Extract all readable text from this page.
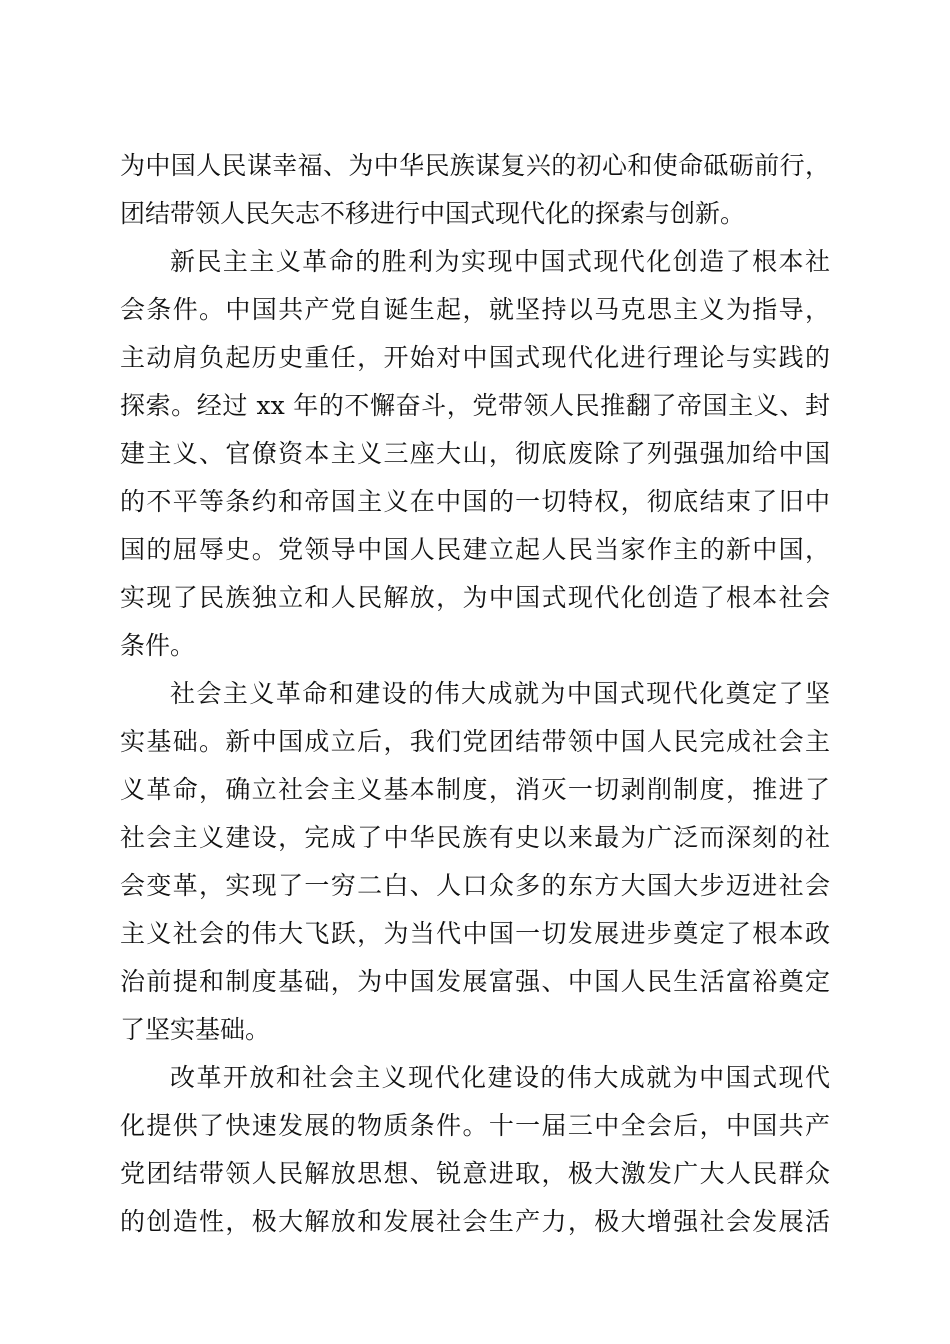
为中国人民谋幸福、为中华民族谋复兴的初心和使命砥砺前行，
团结带领人民矢志不移进行中国式现代化的探索与创新。
新民主主义革命的胜利为实现中国式现代化创造了根本社
会条件。中国共产党自诞生起，就坚持以马克思主义为指导，
主动肩负起历史重任，开始对中国式现代化进行理论与实践的
探索。经过 xx 年的不懈奋斗，党带领人民推翻了帝国主义、封
建主义、官僚资本主义三座大山，彻底废除了列强强加给中国
的不平等条约和帝国主义在中国的一切特权，彻底结束了旧中
国的屈辱史。党领导中国人民建立起人民当家作主的新中国，
实现了民族独立和人民解放，为中国式现代化创造了根本社会
条件。
社会主义革命和建设的伟大成就为中国式现代化奠定了坚
实基础。新中国成立后，我们党团结带领中国人民完成社会主
义革命，确立社会主义基本制度，消灭一切剥削制度，推进了
社会主义建设，完成了中华民族有史以来最为广泛而深刻的社
会变革，实现了一穷二白、人口众多的东方大国大步迈进社会
主义社会的伟大飞跃，为当代中国一切发展进步奠定了根本政
治前提和制度基础，为中国发展富强、中国人民生活富裕奠定
了坚实基础。
改革开放和社会主义现代化建设的伟大成就为中国式现代
化提供了快速发展的物质条件。十一届三中全会后，中国共产
党团结带领人民解放思想、锐意进取，极大激发广大人民群众
的创造性，极大解放和发展社会生产力，极大增强社会发展活
